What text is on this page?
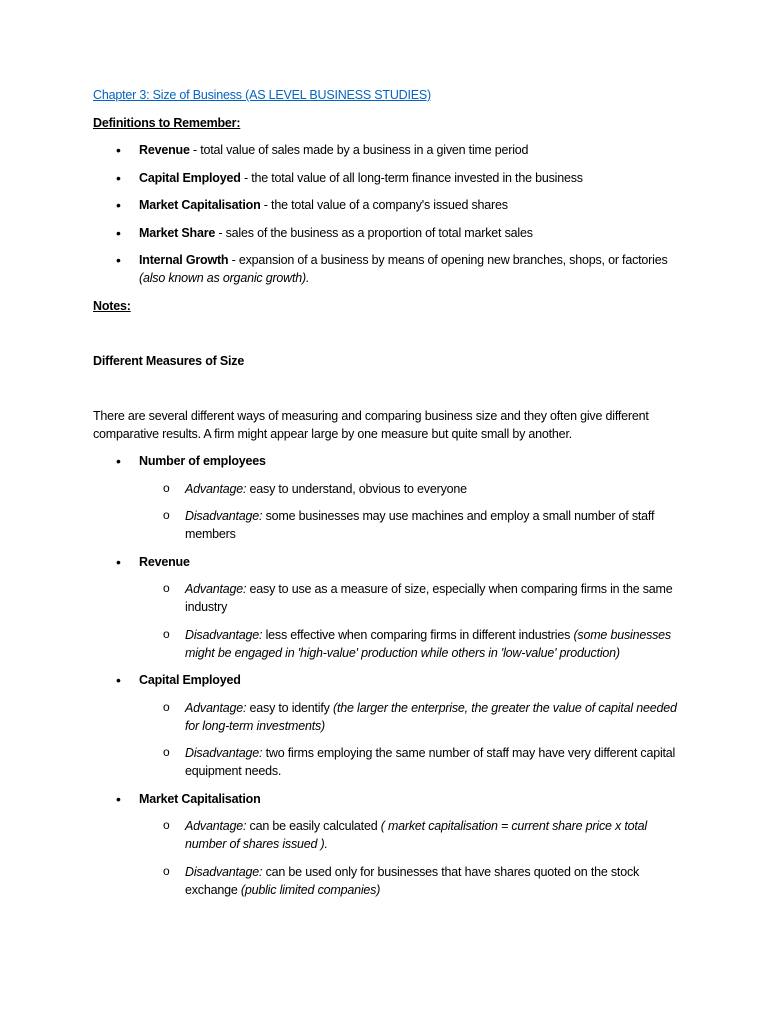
Chapter 3: Size of Business (AS LEVEL BUSINESS STUDIES)

Definitions to Remember:

• Revenue - total value of sales made by a business in a given time period
• Capital Employed - the total value of all long-term finance invested in the business
• Market Capitalisation - the total value of a company's issued shares
• Market Share - sales of the business as a proportion of total market sales
• Internal Growth - expansion of a business by means of opening new branches, shops, or factories (also known as organic growth).

Notes:

Different Measures of Size

There are several different ways of measuring and comparing business size and they often give different comparative results. A firm might appear large by one measure but quite small by another.

• Number of employees
o Advantage: easy to understand, obvious to everyone
o Disadvantage: some businesses may use machines and employ a small number of staff members
• Revenue
o Advantage: easy to use as a measure of size, especially when comparing firms in the same industry
o Disadvantage: less effective when comparing firms in different industries (some businesses might be engaged in 'high-value' production while others in 'low-value' production)
• Capital Employed
o Advantage: easy to identify (the larger the enterprise, the greater the value of capital needed for long-term investments)
o Disadvantage: two firms employing the same number of staff may have very different capital equipment needs.
• Market Capitalisation
o Advantage: can be easily calculated ( market capitalisation = current share price x total number of shares issued ).
o Disadvantage: can be used only for businesses that have shares quoted on the stock exchange (public limited companies)
